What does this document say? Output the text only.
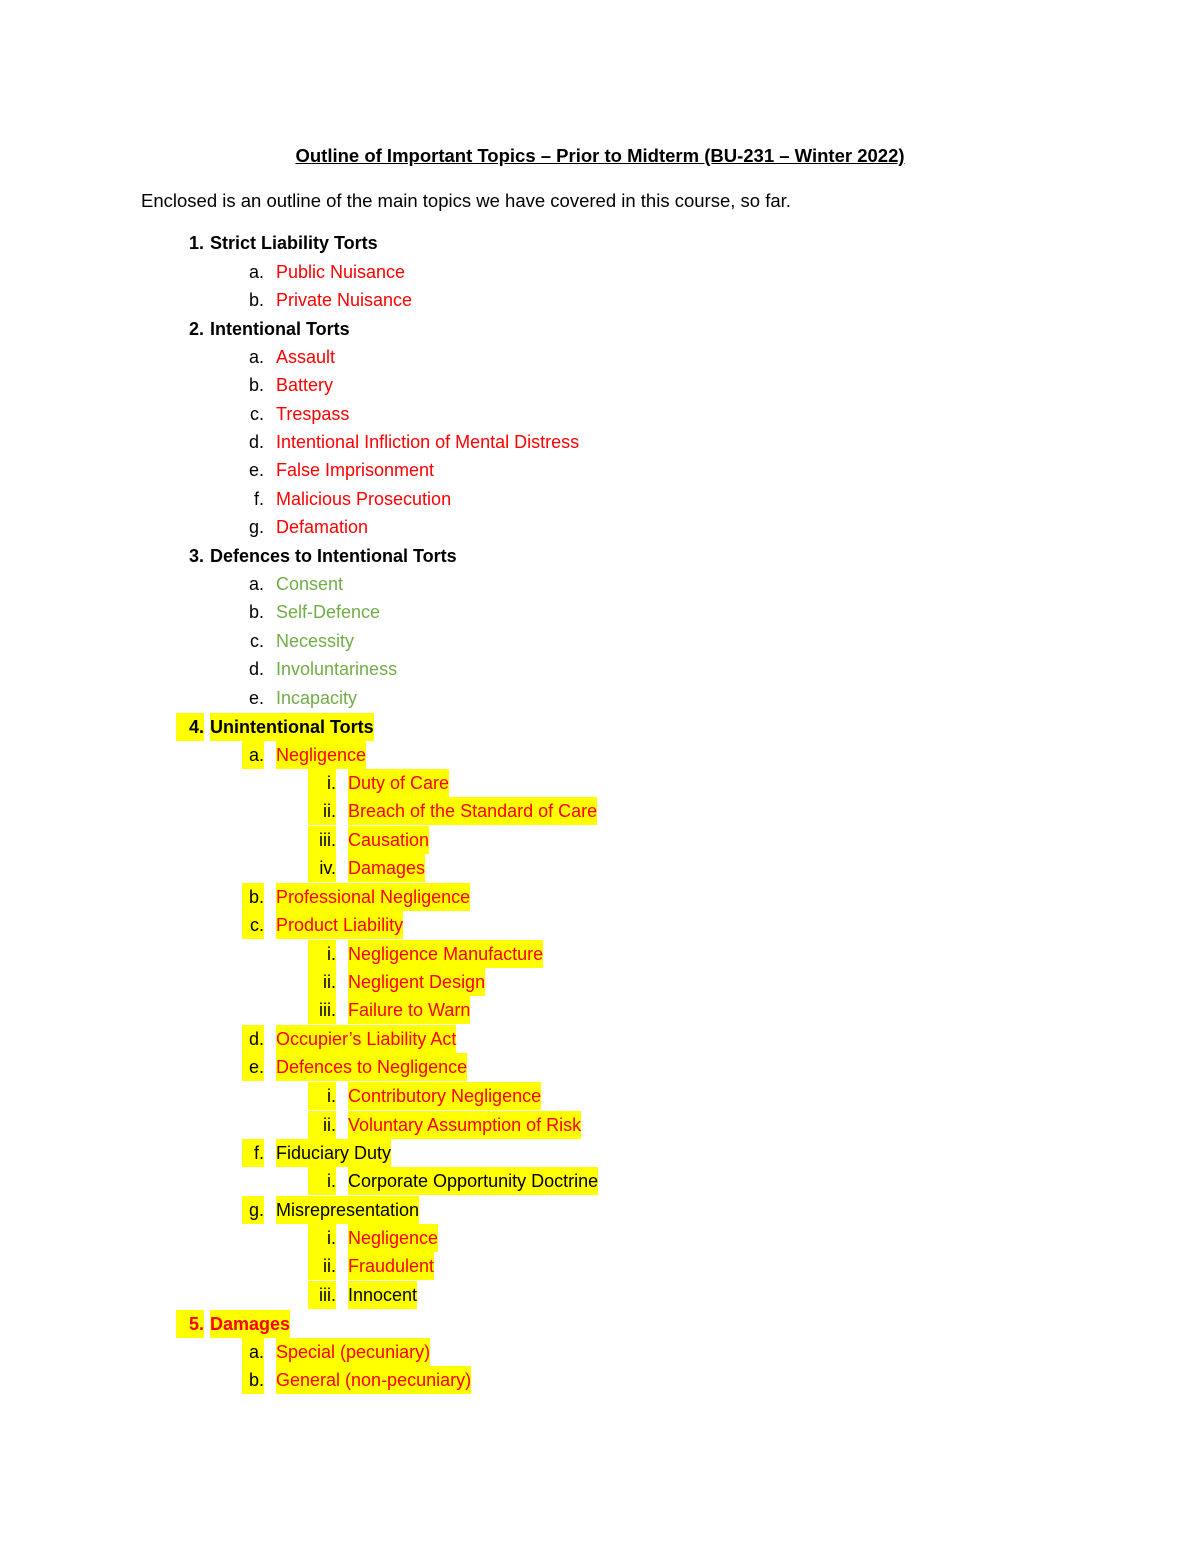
Outline of Important Topics – Prior to Midterm (BU-231 – Winter 2022)
Enclosed is an outline of the main topics we have covered in this course, so far.
1. Strict Liability Torts
a. Public Nuisance
b. Private Nuisance
2. Intentional Torts
a. Assault
b. Battery
c. Trespass
d. Intentional Infliction of Mental Distress
e. False Imprisonment
f. Malicious Prosecution
g. Defamation
3. Defences to Intentional Torts
a. Consent
b. Self-Defence
c. Necessity
d. Involuntariness
e. Incapacity
4. Unintentional Torts
a. Negligence
i. Duty of Care
ii. Breach of the Standard of Care
iii. Causation
iv. Damages
b. Professional Negligence
c. Product Liability
i. Negligence Manufacture
ii. Negligent Design
iii. Failure to Warn
d. Occupier’s Liability Act
e. Defences to Negligence
i. Contributory Negligence
ii. Voluntary Assumption of Risk
f. Fiduciary Duty
i. Corporate Opportunity Doctrine
g. Misrepresentation
i. Negligence
ii. Fraudulent
iii. Innocent
5. Damages
a. Special (pecuniary)
b. General (non-pecuniary)
